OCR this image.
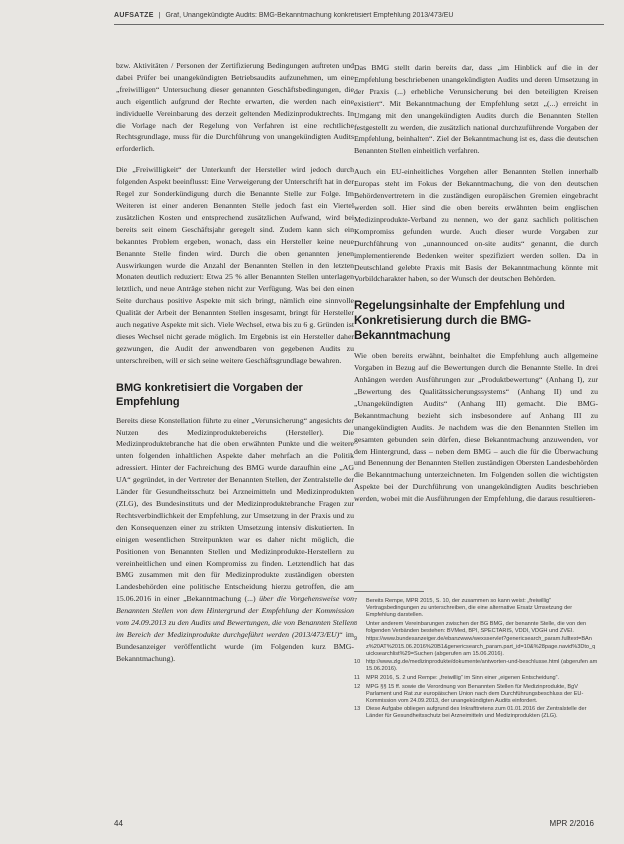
AUFSÄTZE | Graf, Unangekündigte Audits: BMG-Bekanntmachung konkretisiert Empfehlung 2013/473/EU

bzw. Aktivitäten / Personen der Zertifizierung Bedingungen auftreten und dabei Prüfer bei unangekündigten Betriebsaudits aufzunehmen, um eine „freiwilligen“ Untersuchung dieser genannten Geschäftsbedingungen, die auch eigentlich aufgrund der Rechte erwarten, die werden nach eine individuelle Vereinbarung des derzeit geltenden Medizinproduktrechts. In die Vorlage nach der Regelung von Verfahren ist eine rechtliche Rechtsgrundlage, muss für die Durchführung von unangekündigten Audits erforderlich.

Die „Freiwilligkeit“ der Unterkunft der Hersteller wird jedoch durch folgenden Aspekt beeinflusst: Eine Verweigerung der Unterschrift hat in der Regel zur Sonderkündigung durch die Benannte Stelle zur Folge. Im Weiteren ist einer anderen Benannten Stelle jedoch fast ein Viertel zusätzlichen Kosten und entsprechend zusätzlichen Aufwand, wird bei bereits seit einem Geschäftsjahr geregelt sind. Zudem kann sich ein bekanntes Problem ergeben, wonach, dass ein Hersteller keine neue Benannte Stelle finden wird. Durch die oben genannten jenen Auswirkungen wurde die Anzahl der Benannten Stellen in den letzten Monaten deutlich reduziert: Etwa 25 % aller Benannten Stellen unterlagen letztlich, und neue Anträge stehen nicht zur Verfügung. Was bei den einen Seite durchaus positive Aspekte mit sich bringt, nämlich eine sinnvolle Qualität der Arbeit der Benannten Stellen insgesamt, bringt für Hersteller auch negative Aspekte mit sich. Viele Wechsel, etwa bis zu 6 g. Gründen ist dieses Wechsel nicht gerade möglich. Im Ergebnis ist ein Hersteller daher gezwungen, die Audit der anwendbaren von gegebenen Audits zu unterschreiben, will er sich seine weitere Geschäftsgrundlage bewahren.

BMG konkretisiert die Vorgaben der Empfehlung

Bereits diese Konstellation führte zu einer „Verunsicherung“ angesichts der Nutzen des Medizinproduktebereichs (Hersteller). Die Medizinproduktebranche hat die oben erwähnten Punkte und die weitere unten folgenden inhaltlichen Aspekte daher mehrfach an die Politik adressiert. Hinter der Fachreichung des BMG wurde daraufhin eine „AG UA“ gegründet, in der Vertreter der Benannten Stellen, der Zentralstelle der Länder für Gesundheitsschutz bei Arzneimitteln und Medizinprodukten (ZLG), des Bundesinstituts und der Medizinproduktebranche Fragen zur Rechtsverbindlichkeit der Empfehlung, zur Umsetzung in der Praxis und zu den Konsequenzen einer zu strikten Umsetzung intensiv diskutierten. In einigen wesentlichen Streitpunkten war es daher nicht möglich, die Positionen von Benannten Stellen und Medizinprodukte-Herstellern zu vereinheitlichen und einen Kompromiss zu finden. Letztendlich hat das BMG zusammen mit den für Medizinprodukte zuständigen obersten Landesbehörden eine politische Entscheidung hierzu getroffen, die am 15.06.2016 in einer „Bekanntmachung (...) über die Vorgehensweise von Benannten Stellen von dem Hintergrund der Empfehlung der Kommission vom 24.09.2013 zu den Audits und Bewertungen, die von Benannten Stellen im Bereich der Medizinprodukte durchgeführt werden (2013/473/EU)“ im Bundesanzeiger veröffentlicht wurde (im Folgenden kurz BMG-Bekanntmachung).

Das BMG stellt darin bereits dar, dass „im Hinblick auf die in der Empfehlung beschriebenen unangekündigten Audits und deren Umsetzung in der Praxis (...) erhebliche Verunsicherung bei den beteiligten Kreisen existiert“. Mit Bekanntmachung der Empfehlung setzt „(...) erreicht in Umgang mit den unangekündigten Audits durch die Benannten Stellen festgestellt zu werden, die zusätzlich national durchzuführende Vorgaben der Empfehlung, beinhalten“. Ziel der Bekanntmachung ist es, dass die deutschen Benannten Stellen einheitlich verfahren.

Auch ein EU-einheitliches Vorgehen aller Benannten Stellen innerhalb Europas steht im Fokus der Bekanntmachung, die von den deutschen Behördenvertretern in die zuständigen europäischen Gremien eingebracht werden soll. Hier sind die oben bereits erwähnten beim englischen Medizinprodukte-Verband zu nennen, wo der ganz sachlich politischen Kompromiss gefunden wurde. Auch dieser wurde Vorgaben zur Durchführung von „unannounced on-site audits“ genannt, die durch implementierende Bedenken weiter spezifiziert werden sollen. Da in Deutschland gelebte Praxis mit Basis der Bekanntmachung könnte mit Vorbildcharakter haben, so der Wunsch der deutschen Behörden.

Regelungsinhalte der Empfehlung und Konkretisierung durch die BMG-Bekanntmachung

Wie oben bereits erwähnt, beinhaltet die Empfehlung auch allgemeine Vorgaben in Bezug auf die Bewertungen durch die Benannte Stelle. In drei Anhängen werden Ausführungen zur „Produktbewertung“ (Anhang I), zur „Bewertung des Qualitätssicherungssystems“ (Anhang II) und zu „Unangekündigten Audits“ (Anhang III) gemacht. Die BMG-Bekanntmachung bezieht sich insbesondere auf Anhang III zu unangekündigten Audits. Je nachdem was die den Benannten Stellen im gesamten gebunden sein dürfen, diese Bekanntmachung anzuwenden, vor dem Hintergrund, dass – neben dem BMG – auch die für die Überwachung und Benennung der Benannten Stellen zuständigen Obersten Landesbehörden die Bekanntmachung unterzeichneten. Im Folgenden sollen die wichtigsten Aspekte bei der Durchführung von unangekündigten Audits beschrieben werden, wobei mit die Ausführungen der Empfehlung, die daraus resultieren-

7	Bereits Rempe, MPR 2015, S. 10, der zusammen so kann weist: „freiwillig“ Vertragsbedingungen zu unterschreiben, die eine alternative Ersatz Umsetzung der Empfehlung darstellen.
8	Unter anderem Vereinbarungen zwischen der BG BMG, der benannte Stelle, die von den folgenden Verbänden bestehen: BVMed, BPI, SPECTARIS, VDDI, VDGH und ZVEI.
9	https://www.bundesanzeiger.de/ebanzwww/wexsservlet?genericsearch_param.fulltext=BAnz%20AT%2015.06.2016%20B1&genericsearch_param.part_id=10&%28page.navid%3Dto_quicksearchlist%29=Suchen (abgerufen am 15.06.2016).
10	http://www.zlg.de/medizinprodukte/dokumente/antworten-und-beschlusse.html (abgerufen am 15.06.2016).
11	MPR 2016, S. 2 und Rempe: „freiwillig“ im Sinn einer „eigenen Entscheidung“.
12	MPG §§ 15 ff. sowie die Verordnung von Benannten Stellen für Medizinprodukte, BgV Parlament und Rat zur europäischen Union nach dem Durchführungsbeschluss der EU-Kommission vom 24.09.2013, der unangekündigten Audits einfordert.
13	Diese Aufgabe obliegen aufgrund des Inkrafttretens zum 01.01.2016 der Zentralstelle der Länder für Gesundheitsschutz bei Arzneimitteln und Medizinprodukten (ZLG).
44	MPR 2/2016
